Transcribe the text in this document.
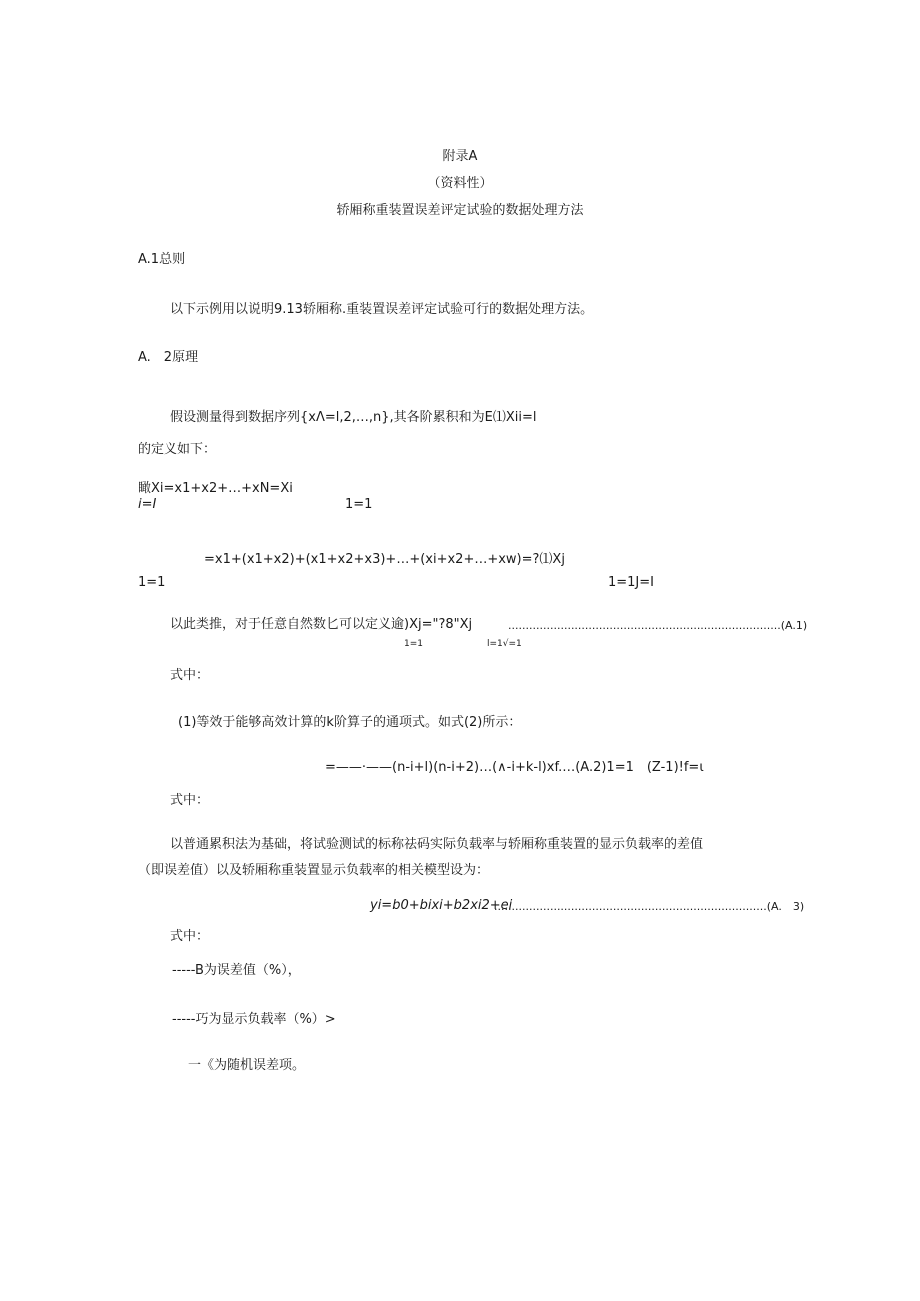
附录A
（资料性）
轿厢称重装置误差评定试验的数据处理方法
A.1总则
以下示例用以说明9.13轿厢称.重装置误差评定试验可行的数据处理方法。
A.　2原理
假设测量得到数据序列{xΛ=l,2,…,n},其各阶累积和为E⑴Xii=l
的定义如下：
瞰Xi=x1+x2+…+xN=Xi
i=I	1=1
=x1+(x1+x2)+(x1+x2+x3)+…+(xi+x2+…+xw)=?⑴Xj
1=1	1=1J=I
以此类推，对于任意自然数匕可以定义逾)Xj="?8"Xj	..............................................................................(A.1)
1=1	l=1√=1
式中：
(1)等效于能够高效计算的k阶算子的通项式。如式(2)所示：
=——·——(n-i+l)(n-i+2)…(∧-i+k-l)xf.…(A.2)1=1　(Z-1)!f=ι
式中：
以普通累积法为基础，将试验测试的标称祛码实际负载率与轿厢称重装置的显示负载率的差值
（即误差值）以及轿厢称重装置显示负载率的相关模型设为：
yi=b0+bixi+b2xi2+ei
..............................................................................(A.　3)
式中：
-----B为误差值（%），
-----巧为显示负载率（%）>
一《为随机误差项。
